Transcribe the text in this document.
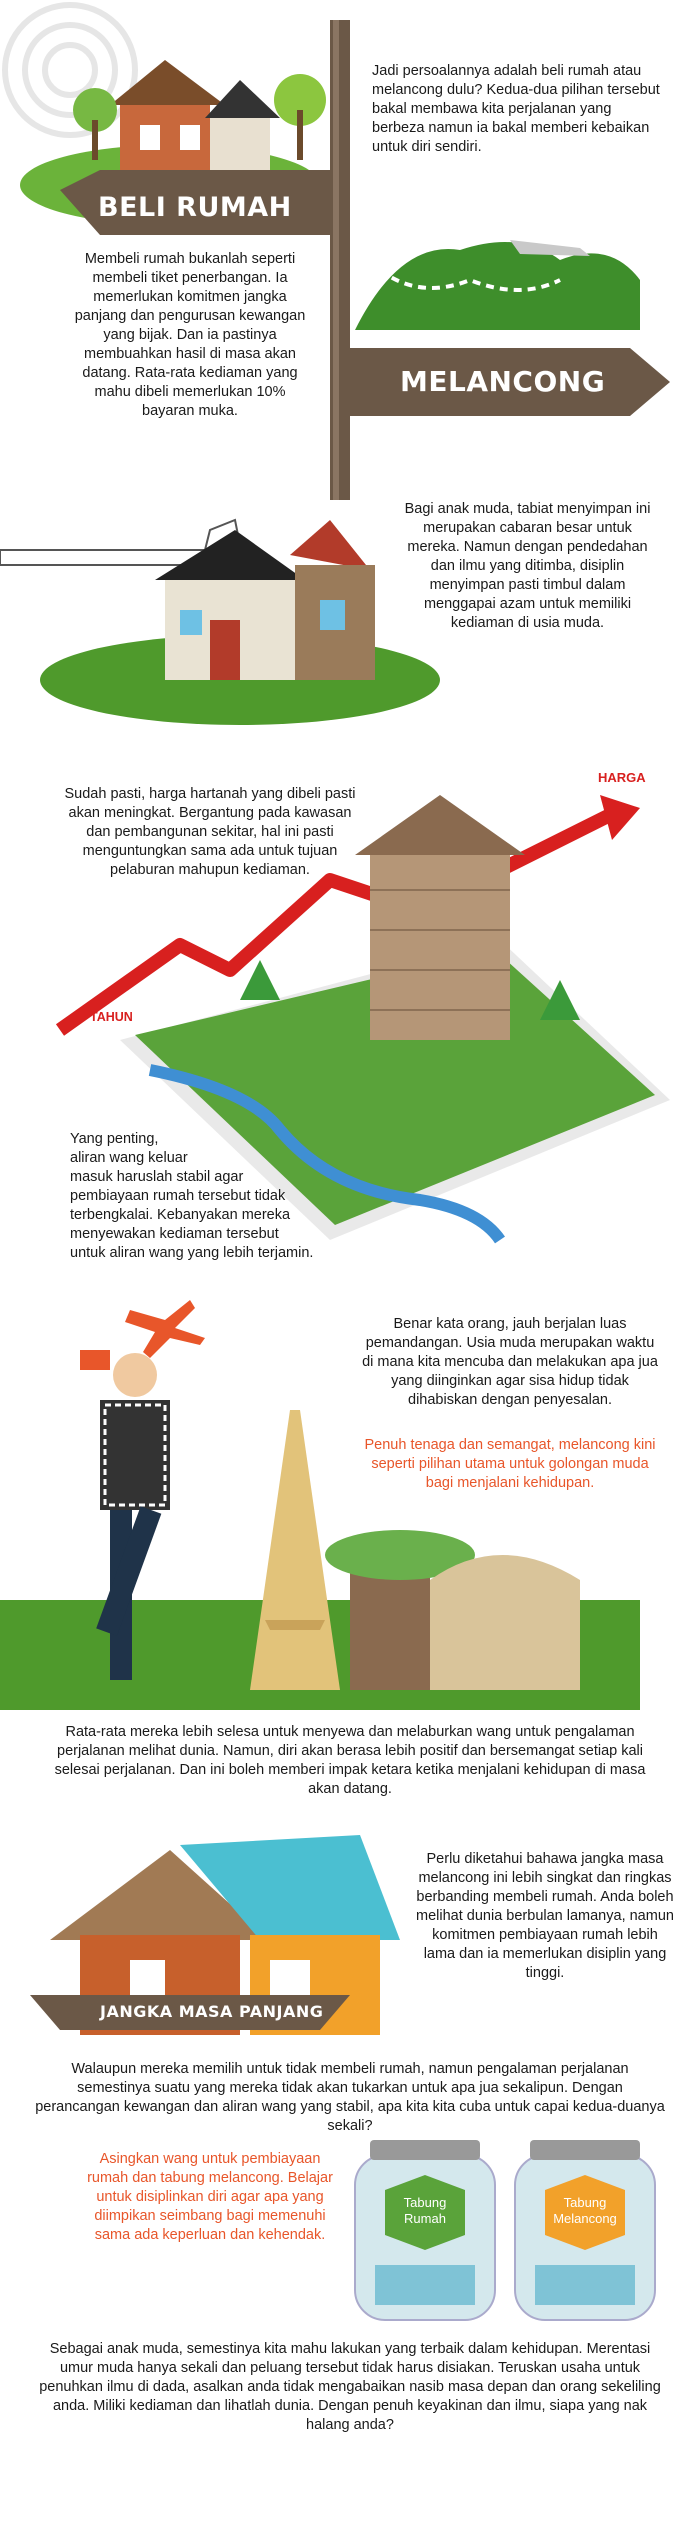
BELI RUMAH
MELANCONG
Jadi persoalannya adalah beli rumah atau melancong dulu? Kedua-dua pilihan tersebut bakal membawa kita perjalanan yang berbeza namun ia bakal memberi kebaikan untuk diri sendiri.
Membeli rumah bukanlah seperti membeli tiket penerbangan. Ia memerlukan komitmen jangka panjang dan pengurusan kewangan yang bijak. Dan ia pastinya membuahkan hasil di masa akan datang. Rata-rata kediaman yang mahu dibeli memerlukan 10% bayaran muka.
Bagi anak muda, tabiat menyimpan ini merupakan cabaran besar untuk mereka. Namun dengan pendedahan dan ilmu yang ditimba, disiplin menyimpan pasti timbul dalam menggapai azam untuk memiliki kediaman di usia muda.
Sudah pasti, harga hartanah yang dibeli pasti akan meningkat. Bergantung pada kawasan dan pembangunan sekitar, hal ini pasti menguntungkan sama ada untuk tujuan pelaburan mahupun kediaman.
HARGA
TAHUN
Yang penting,
aliran wang keluar
masuk haruslah stabil agar
pembiayaan rumah tersebut tidak
terbengkalai. Kebanyakan mereka
menyewakan kediaman tersebut
untuk aliran wang yang lebih terjamin.
Benar kata orang, jauh berjalan luas pemandangan. Usia muda merupakan waktu di mana kita mencuba dan melakukan apa jua yang diinginkan agar sisa hidup tidak dihabiskan dengan penyesalan.
Penuh tenaga dan semangat, melancong kini seperti pilihan utama untuk golongan muda bagi menjalani kehidupan.
Rata-rata mereka lebih selesa untuk menyewa dan melaburkan wang untuk pengalaman perjalanan melihat dunia. Namun, diri akan berasa lebih positif dan bersemangat setiap kali selesai perjalanan. Dan ini boleh memberi impak ketara ketika menjalani kehidupan di masa akan datang.
JANGKA MASA PANJANG
Perlu diketahui bahawa jangka masa melancong ini lebih singkat dan ringkas berbanding membeli rumah. Anda boleh melihat dunia berbulan lamanya, namun komitmen pembiayaan rumah lebih lama dan ia memerlukan disiplin yang tinggi.
Walaupun mereka memilih untuk tidak membeli rumah, namun pengalaman perjalanan semestinya suatu yang mereka tidak akan tukarkan untuk apa jua sekalipun. Dengan perancangan kewangan dan aliran wang yang stabil, apa kita kita cuba untuk capai kedua-duanya sekali?
Asingkan wang untuk pembiayaan rumah dan tabung melancong. Belajar untuk disiplinkan diri agar apa yang diimpikan seimbang bagi memenuhi sama ada keperluan dan kehendak.
Tabung Rumah
Tabung Melancong
Sebagai anak muda, semestinya kita mahu lakukan yang terbaik dalam kehidupan. Merentasi umur muda hanya sekali dan peluang tersebut tidak harus disiakan. Teruskan usaha untuk penuhkan ilmu di dada, asalkan anda tidak mengabaikan nasib masa depan dan orang sekeliling anda. Miliki kediaman dan lihatlah dunia. Dengan penuh keyakinan dan ilmu, siapa yang nak halang anda?
